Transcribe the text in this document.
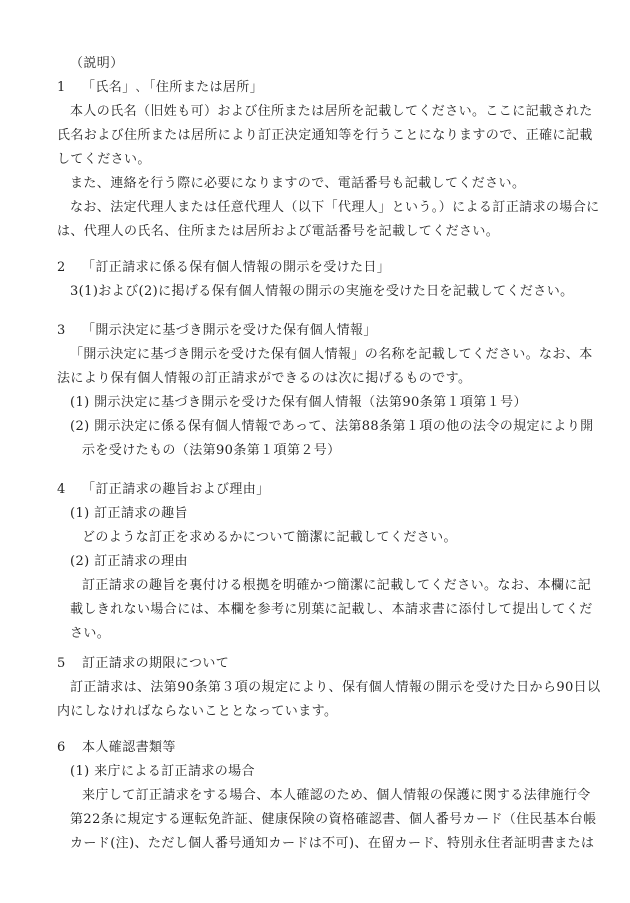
（説明）
1 「氏名」､「住所または居所」
本人の氏名（旧姓も可）および住所または居所を記載してください。ここに記載された
氏名および住所または居所により訂正決定通知等を行うことになりますので、正確に記載
してください。
また、連絡を行う際に必要になりますので、電話番号も記載してください。
なお、法定代理人または任意代理人（以下「代理人」という。）による訂正請求の場合に
は、代理人の氏名、住所または居所および電話番号を記載してください。
2 「訂正請求に係る保有個人情報の開示を受けた日」
3(1)および(2)に掲げる保有個人情報の開示の実施を受けた日を記載してください。
3 「開示決定に基づき開示を受けた保有個人情報」
「開示決定に基づき開示を受けた保有個人情報」の名称を記載してください。なお、本
法により保有個人情報の訂正請求ができるのは次に掲げるものです。
(1) 開示決定に基づき開示を受けた保有個人情報（法第90条第１項第１号）
(2) 開示決定に係る保有個人情報であって、法第88条第１項の他の法令の規定により開
示を受けたもの（法第90条第１項第２号）
4 「訂正請求の趣旨および理由」
(1) 訂正請求の趣旨
どのような訂正を求めるかについて簡潔に記載してください。
(2) 訂正請求の理由
訂正請求の趣旨を裏付ける根拠を明確かつ簡潔に記載してください。なお、本欄に記
載しきれない場合には、本欄を参考に別葉に記載し、本請求書に添付して提出してくだ
さい。
5 訂正請求の期限について
訂正請求は、法第90条第３項の規定により、保有個人情報の開示を受けた日から90日以
内にしなければならないこととなっています。
6 本人確認書類等
(1) 来庁による訂正請求の場合
来庁して訂正請求をする場合、本人確認のため、個人情報の保護に関する法律施行令
第22条に規定する運転免許証、健康保険の資格確認書、個人番号カード（住民基本台帳
カード(注)、ただし個人番号通知カードは不可)、在留カード、特別永住者証明書または
